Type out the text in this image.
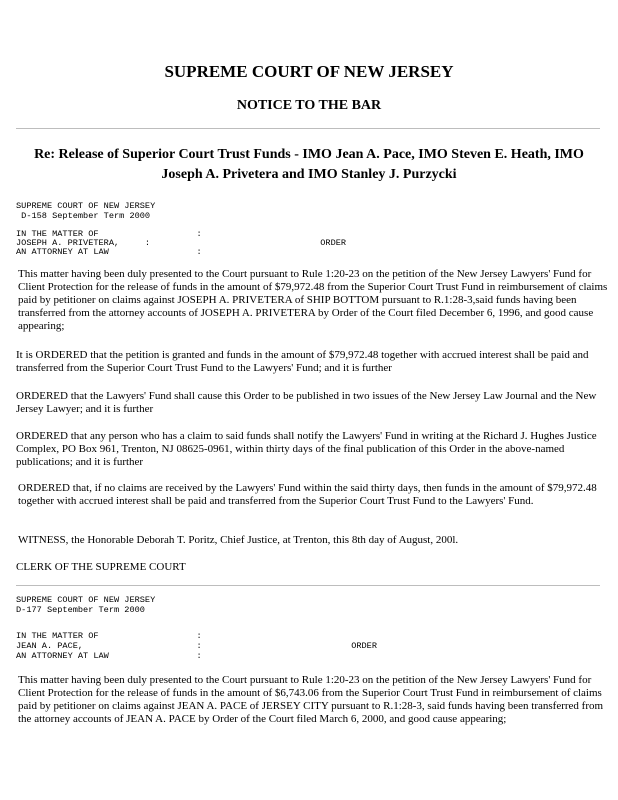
SUPREME COURT OF NEW JERSEY
NOTICE TO THE BAR
Re: Release of Superior Court Trust Funds - IMO Jean A. Pace, IMO Steven E. Heath, IMO
Joseph A. Privetera and IMO Stanley J. Purzycki
SUPREME COURT OF NEW JERSEY
D-158 September Term 2000
IN THE MATTER OF                   :
JOSEPH A. PRIVETERA,     :                                 ORDER
AN ATTORNEY AT LAW                 :
This matter having been duly presented to the Court pursuant to Rule 1:20-23 on the petition of the New Jersey Lawyers' Fund for Client Protection for the release of funds in the amount of $79,972.48 from the Superior Court Trust Fund in reimbursement of claims paid by petitioner on claims against JOSEPH A. PRIVETERA of SHIP BOTTOM pursuant to R.1:28-3,said funds having been transferred from the attorney accounts of JOSEPH A. PRIVETERA by Order of the Court filed December 6, 1996, and good cause appearing;
It is ORDERED that the petition is granted and funds in the amount of $79,972.48 together with accrued interest shall be paid and transferred from the Superior Court Trust Fund to the Lawyers' Fund; and it is further
ORDERED that the Lawyers' Fund shall cause this Order to be published in two issues of the New Jersey Law Journal and the New Jersey Lawyer; and it is further
ORDERED that any person who has a claim to said funds shall notify the Lawyers' Fund in writing at the Richard J. Hughes Justice Complex, PO Box 961, Trenton, NJ 08625-0961, within thirty days of the final publication of this Order in the above-named publications; and it is further
ORDERED that, if no claims are received by the Lawyers' Fund within the said thirty days, then funds in the amount of $79,972.48 together with accrued interest shall be paid and transferred from the Superior Court Trust Fund to the Lawyers' Fund.
WITNESS, the Honorable Deborah T. Poritz, Chief Justice, at Trenton, this 8th day of August, 200l.
CLERK OF THE SUPREME COURT
SUPREME COURT OF NEW JERSEY
D-177 September Term 2000
IN THE MATTER OF                   :
JEAN A. PACE,                      :                             ORDER
AN ATTORNEY AT LAW                 :
This matter having been duly presented to the Court pursuant to Rule 1:20-23 on the petition of the New Jersey Lawyers' Fund for Client Protection for the release of funds in the amount of $6,743.06 from the Superior Court Trust Fund in reimbursement of claims paid by petitioner on claims against JEAN A. PACE of JERSEY CITY pursuant to R.1:28-3, said funds having been transferred from the attorney accounts of JEAN A. PACE by Order of the Court filed March 6, 2000, and good cause appearing;
